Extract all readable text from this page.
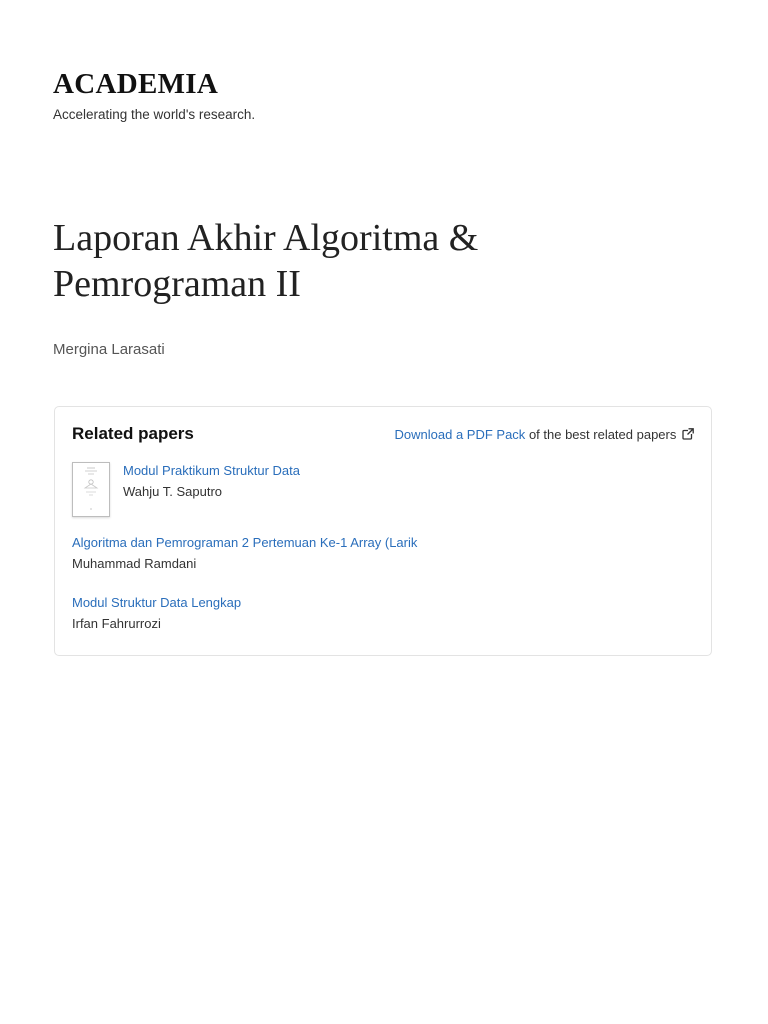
ACADEMIA
Accelerating the world's research.
Laporan Akhir Algoritma & Pemrograman II
Mergina Larasati
Related papers	Download a PDF Pack of the best related papers
Modul Praktikum Struktur Data
Wahju T. Saputro
Algoritma dan Pemrograman 2 Pertemuan Ke-1 Array (Larik
Muhammad Ramdani
Modul Struktur Data Lengkap
Irfan Fahrurrozi
